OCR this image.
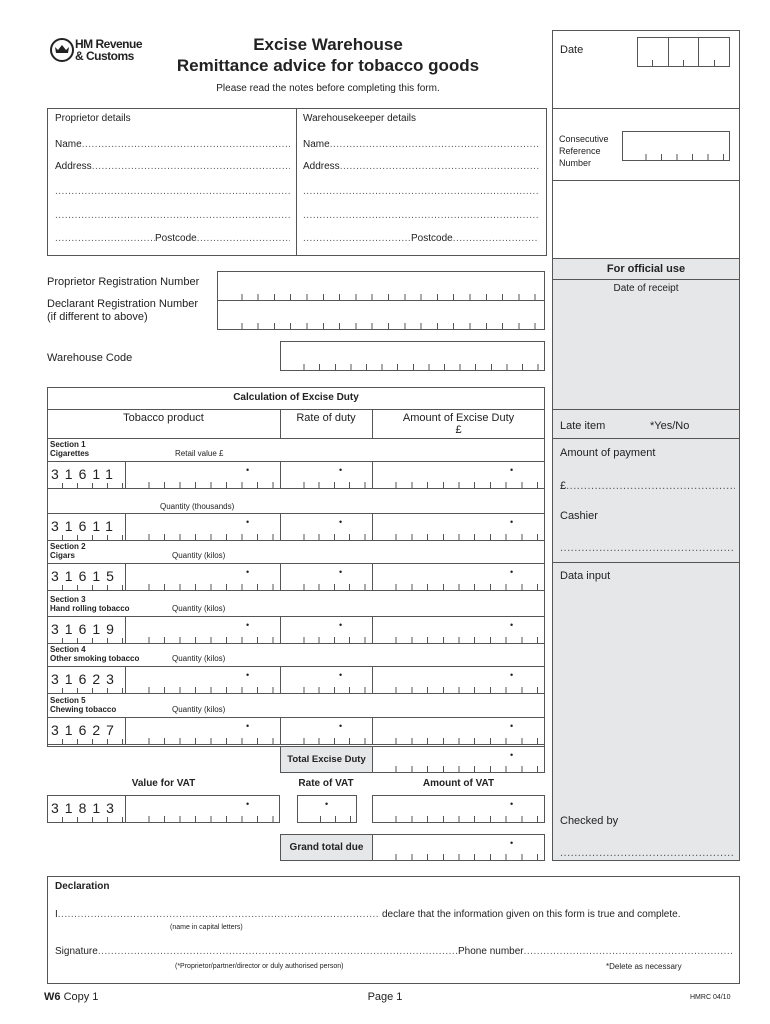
HM Revenue
& Customs
Excise Warehouse
Remittance advice for tobacco goods
Please read the notes before completing this form.
Proprietor details
Name .....
Address .....
.....
.....
.....
Postcode .....
Warehousekeeper details
Name .....
Address .....
.....
.....
.....
Postcode .....
Proprietor Registration Number
Declarant Registration Number
(if different to above)
Warehouse Code
Date
Consecutive
Reference
Number
For official use
Date of receipt
Late item	*Yes/No
Amount of payment
£ .....
Cashier
.....
Data input
Checked by
.....
Calculation of Excise Duty
Tobacco product	Rate of duty	Amount of Excise Duty
£
Section 1
Cigarettes	Retail value £
31611	•	•	•
Quantity (thousands)
31611	•	•	•
Section 2
Cigars	Quantity (kilos)
31615	•	•	•
Section 3
Hand rolling tobacco	Quantity (kilos)
31619	•	•	•
Section 4
Other smoking tobacco	Quantity (kilos)
31623	•	•	•
Section 5
Chewing tobacco	Quantity (kilos)
31627	•	•	•
Total Excise Duty	•
Value for VAT	Rate of VAT	Amount of VAT
31813	•	•	•
Grand total due	•
Declaration
I .....	declare that the information given on this form is true and complete.
(name in capital letters)
Signature .....	Phone number .....
(*Proprietor/partner/director or duly authorised person)	*Delete as necessary
W6 Copy 1	Page 1	HMRC 04/10
